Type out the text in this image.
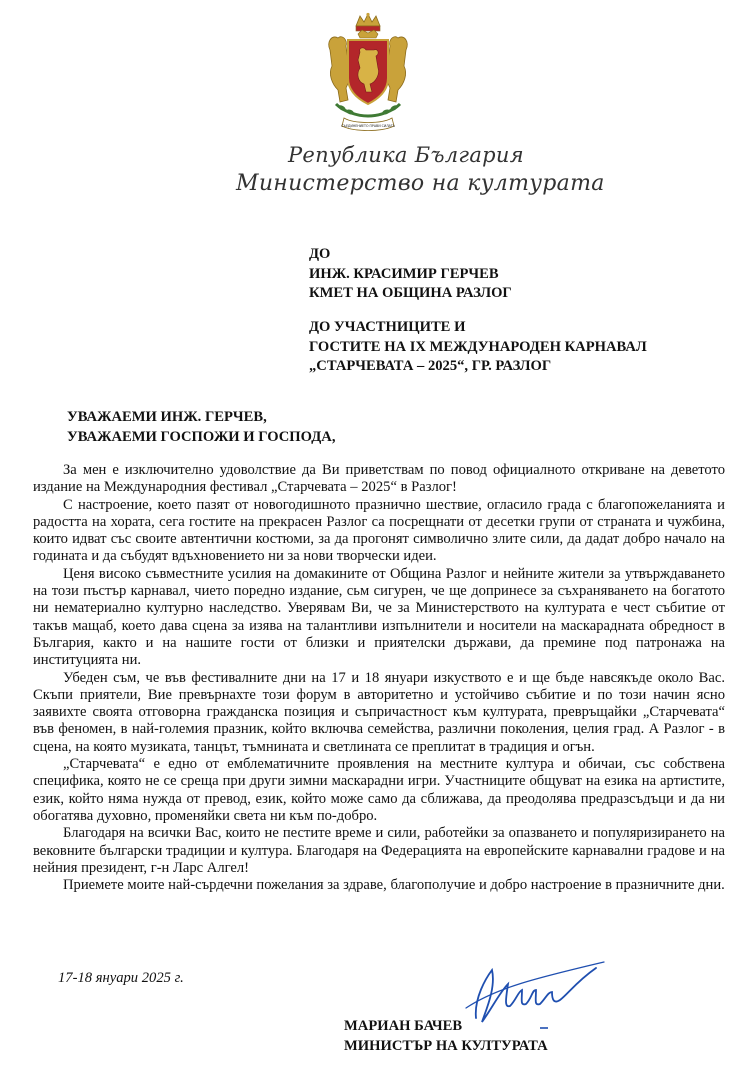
СЪЕДИНЕНИЕТО ПРАВИ СИЛАТА
Република България
Министерство на културата
ДО
ИНЖ. КРАСИМИР ГЕРЧЕВ
КМЕТ НА ОБЩИНА РАЗЛОГ
ДО УЧАСТНИЦИТЕ И
ГОСТИТЕ НА IX МЕЖДУНАРОДЕН КАРНАВАЛ
„СТАРЧЕВАТА – 2025“, ГР. РАЗЛОГ
УВАЖАЕМИ ИНЖ. ГЕРЧЕВ,
УВАЖАЕМИ ГОСПОЖИ И ГОСПОДА,

За мен е изключително удоволствие да Ви приветствам по повод официалното откриване на деветото издание на Международния фестивал „Старчевата – 2025“ в Разлог!

С настроение, което пазят от новогодишното празнично шествие, огласило града с благопожеланията и радостта на хората, сега гостите на прекрасен Разлог са посрещнати от десетки групи от страната и чужбина, които идват със своите автентични костюми, за да прогонят символично злите сили, да дадат добро начало на годината и да събудят вдъхновението ни за нови творчески идеи.

Ценя високо съвместните усилия на домакините от Община Разлог и нейните жители за утвърждаването на този пъстър карнавал, чието поредно издание, сьм сигурен, че ще допринесе за съхраняването на богатото ни нематериално културно наследство. Уверявам Ви, че за Министерството на културата е чест събитие от такъв мащаб, което дава сцена за изява на талантливи изпълнители и носители на маскарадната обредност в България, както и на нашите гости от близки и приятелски държави, да премине под патронажа на институцията ни.

Убеден съм, че във фестивалните дни на 17 и 18 януари изкуството е и ще бъде навсякъде около Вас. Скъпи приятели, Вие превърнахте този форум в авторитетно и устойчиво събитие и по този начин ясно заявихте своята отговорна гражданска позиция и съпричастност към културата, превръщайки „Старчевата“ във феномен, в най-големия празник, който включва семейства, различни поколения, целия град. А Разлог - в сцена, на която музиката, танцът, тъмнината и светлината се преплитат в традиция и огън.

„Старчевата“ е едно от емблематичните проявления на местните култура и обичаи, със собствена специфика, която не се среща при други зимни маскарадни игри. Участниците общуват на езика на артистите, език, който няма нужда от превод, език, който може само да сближава, да преодолява предразсъдъци и да ни обогатява духовно, променяйки света ни към по-добро.

Благодаря на всички Вас, които не пестите време и сили, работейки за опазването и популяризирането на вековните български традиции и култура. Благодаря на Федерацията на европейските карнавални градове и на нейния президент, г-н Ларс Алгел!

Приемете моите най-сърдечни пожелания за здраве, благополучие и добро настроение в празничните дни.

17-18 януари 2025 г.
МАРИАН БАЧЕВ
МИНИСТЪР НА КУЛТУРАТА
